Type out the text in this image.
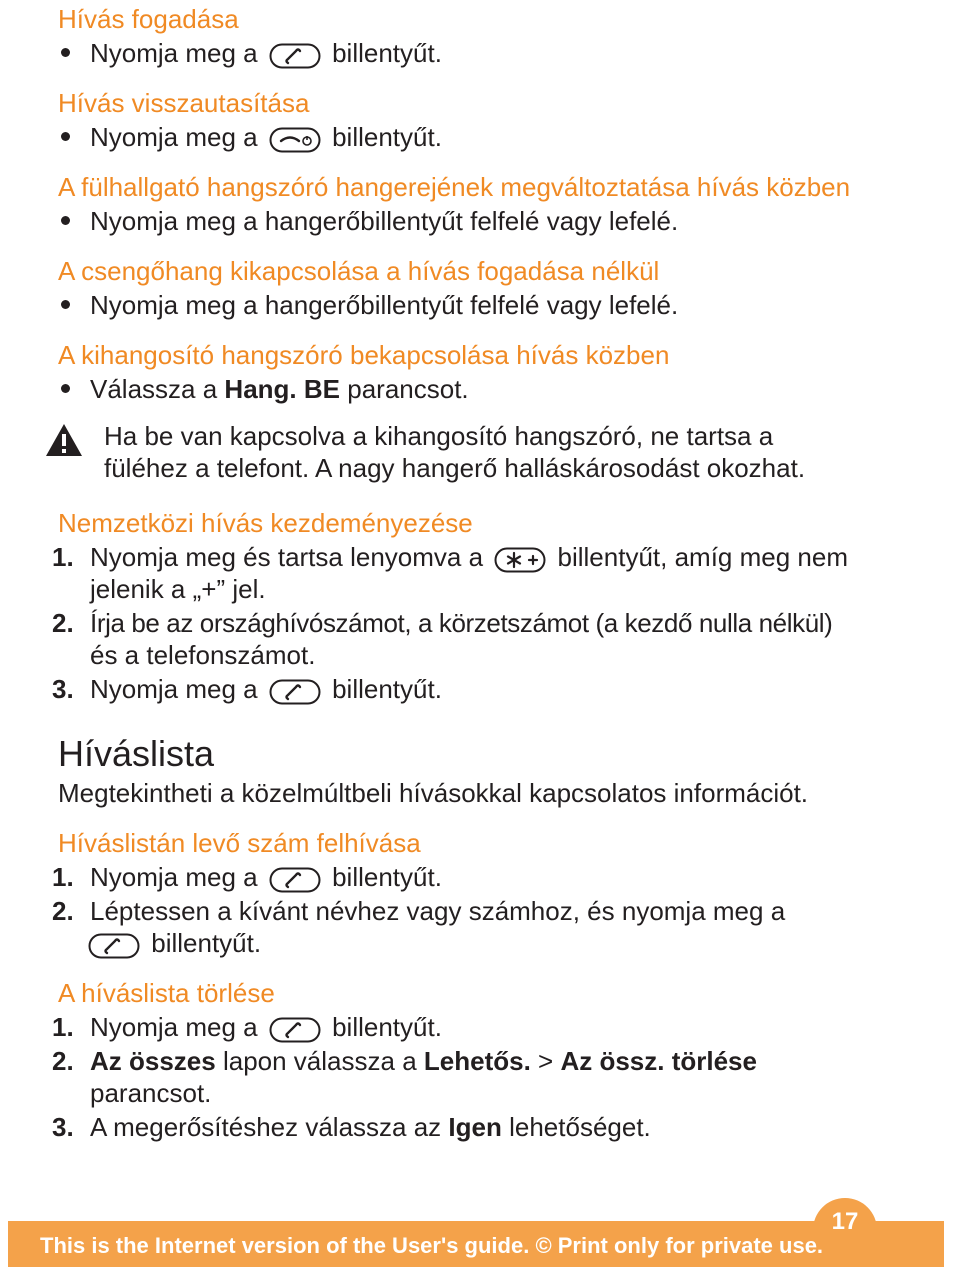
Hívás fogadása
Nyomja meg a	billentyűt.
Hívás visszautasítása
Nyomja meg a	billentyűt.
A fülhallgató hangszóró hangerejének megváltoztatása hívás közben
Nyomja meg a hangerőbillentyűt felfelé vagy lefelé.
A csengőhang kikapcsolása a hívás fogadása nélkül
Nyomja meg a hangerőbillentyűt felfelé vagy lefelé.
A kihangosító hangszóró bekapcsolása hívás közben
Válassza a Hang. BE parancsot.
Ha be van kapcsolva a kihangosító hangszóró, ne tartsa a
füléhez a telefont. A nagy hangerő halláskárosodást okozhat.
Nemzetközi hívás kezdeményezése
1. Nyomja meg és tartsa lenyomva a	billentyűt, amíg meg nem
jelenik a „+” jel.
2. Írja be az országhívószámot, a körzetszámot (a kezdő nulla nélkül)
és a telefonszámot.
3. Nyomja meg a	billentyűt.
Híváslista
Megtekintheti a közelmúltbeli hívásokkal kapcsolatos információt.
Híváslistán levő szám felhívása
1. Nyomja meg a	billentyűt.
2. Léptessen a kívánt névhez vagy számhoz, és nyomja meg a
billentyűt.
A híváslista törlése
1. Nyomja meg a	billentyűt.
2. Az összes lapon válassza a Lehetős. > Az össz. törlése
parancsot.
3. A megerősítéshez válassza az Igen lehetőséget.
17
This is the Internet version of the User's guide. © Print only for private use.
